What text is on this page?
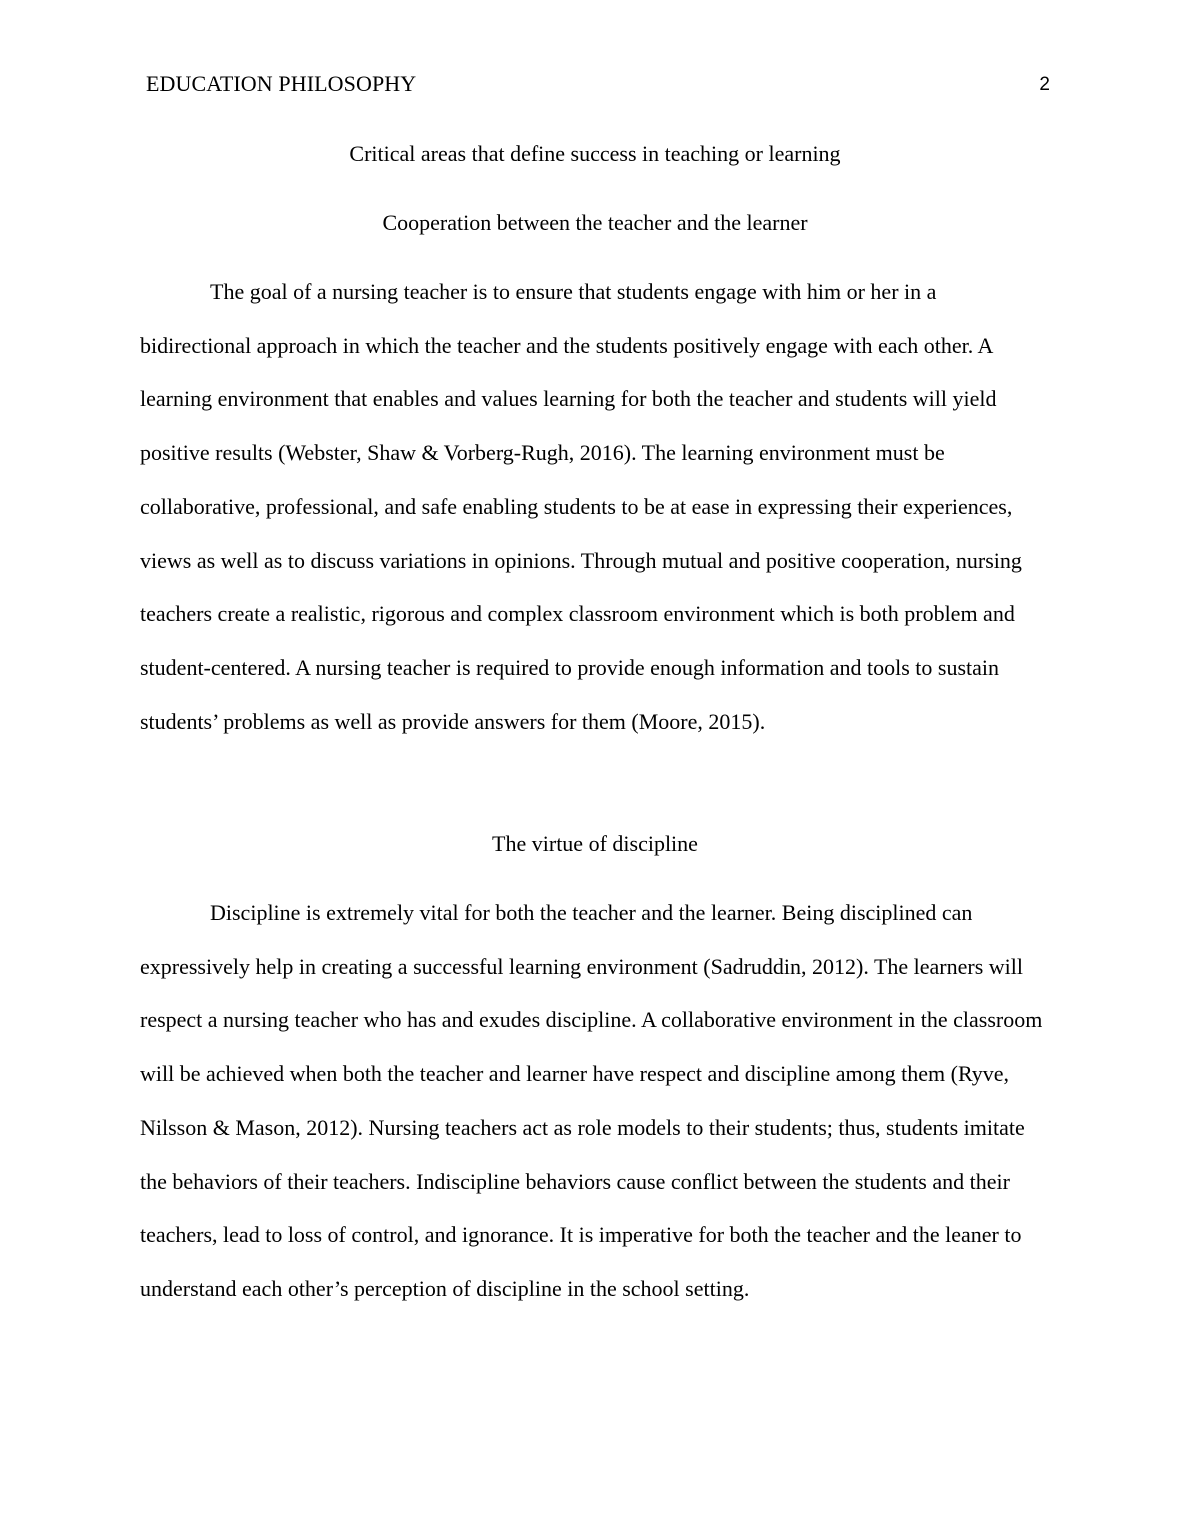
EDUCATION PHILOSOPHY	2
Critical areas that define success in teaching or learning
Cooperation between the teacher and the learner

The goal of a nursing teacher is to ensure that students engage with him or her in a bidirectional approach in which the teacher and the students positively engage with each other. A learning environment that enables and values learning for both the teacher and students will yield positive results (Webster, Shaw & Vorberg-Rugh, 2016). The learning environment must be collaborative, professional, and safe enabling students to be at ease in expressing their experiences, views as well as to discuss variations in opinions. Through mutual and positive cooperation, nursing teachers create a realistic, rigorous and complex classroom environment which is both problem and student-centered. A nursing teacher is required to provide enough information and tools to sustain students’ problems as well as provide answers for them (Moore, 2015).

The virtue of discipline

Discipline is extremely vital for both the teacher and the learner. Being disciplined can expressively help in creating a successful learning environment (Sadruddin, 2012). The learners will respect a nursing teacher who has and exudes discipline. A collaborative environment in the classroom will be achieved when both the teacher and learner have respect and discipline among them (Ryve, Nilsson & Mason, 2012). Nursing teachers act as role models to their students; thus, students imitate the behaviors of their teachers. Indiscipline behaviors cause conflict between the students and their teachers, lead to loss of control, and ignorance. It is imperative for both the teacher and the leaner to understand each other’s perception of discipline in the school setting.
